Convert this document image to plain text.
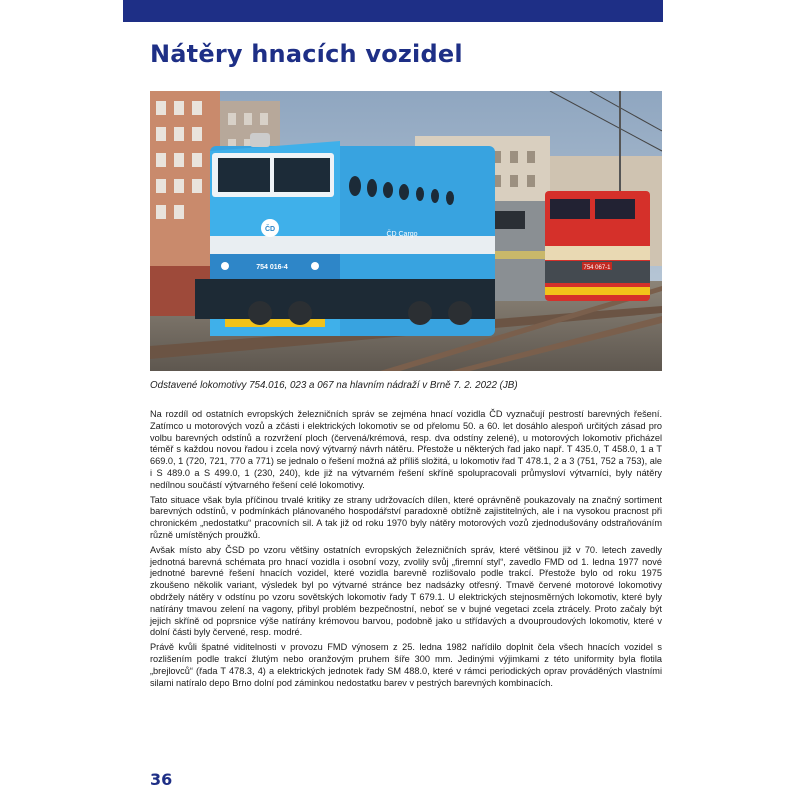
Nátěry hnacích vozidel
754 067-1
ČD
ČD Cargo
754 016-4

Odstavené lokomotivy 754.016, 023 a 067 na hlavním nádraží v Brně 7. 2. 2022 (JB)

Na rozdíl od ostatních evropských železničních správ se zejména hnací vozidla ČD vyznačují pestrostí barevných řešení. Zatímco u motorových vozů a zčásti i elektrických lokomotiv se od přelomu 50. a 60. let dosáhlo alespoň určitých zásad pro volbu barevných odstínů a rozvržení ploch (červená/krémová, resp. dva odstíny zelené), u motorových lokomotiv přicházel téměř s každou novou řadou i zcela nový výtvarný návrh nátěru. Přestože u některých řad jako např. T 435.0, T 458.0, 1 a T 669.0, 1 (720, 721, 770 a 771) se jednalo o řešení možná až příliš složitá, u lokomotiv řad T 478.1, 2 a 3 (751, 752 a 753), ale i S 489.0 a S 499.0, 1 (230, 240), kde již na výtvarném řešení skříně spolupracovali průmysloví výtvarníci, byly nátěry nedílnou součástí výtvarného řešení celé lokomotivy.

Tato situace však byla příčinou trvalé kritiky ze strany udržovacích dílen, které oprávněně poukazovaly na značný sortiment barevných odstínů, v podmínkách plánovaného hospodářství paradoxně obtížně zajistitelných, ale i na vysokou pracnost při chronickém „nedostatku“ pracovních sil. A tak již od roku 1970 byly nátěry motorových vozů zjednodušovány odstraňováním různě umístěných proužků.

Avšak místo aby ČSD po vzoru většiny ostatních evropských železničních správ, které většinou již v 70. letech zavedly jednotná barevná schémata pro hnací vozidla i osobní vozy, zvolily svůj „firemní styl“, zavedlo FMD od 1. ledna 1977 nové jednotné barevné řešení hnacích vozidel, které vozidla barevně rozlišovalo podle trakcí. Přestože bylo od roku 1975 zkoušeno několik variant, výsledek byl po výtvarné stránce bez nadsázky otřesný. Tmavě červené motorové lokomotivy obdržely nátěry v odstínu po vzoru sovětských lokomotiv řady T 679.1. U elektrických stejnosměrných lokomotiv, které byly natírány tmavou zelení na vagony, přibyl problém bezpečnostní, neboť se v bujné vegetaci zcela ztrácely. Proto začaly být jejich skříně od poprsnice výše natírány krémovou barvou, podobně jako u střídavých a dvouproudových lokomotiv, které v dolní části byly červené, resp. modré.

Právě kvůli špatné viditelnosti v provozu FMD výnosem z 25. ledna 1982 nařídilo doplnit čela všech hnacích vozidel s rozlišením podle trakcí žlutým nebo oranžovým pruhem šíře 300 mm. Jedinými výjimkami z této uniformity byla flotila „brejlovců“ (řada T 478.3, 4) a elektrických jednotek řady SM 488.0, které v rámci periodických oprav prováděných vlastními silami natíralo depo Brno dolní pod záminkou nedostatku barev v pestrých barevných kombinacích.

36
